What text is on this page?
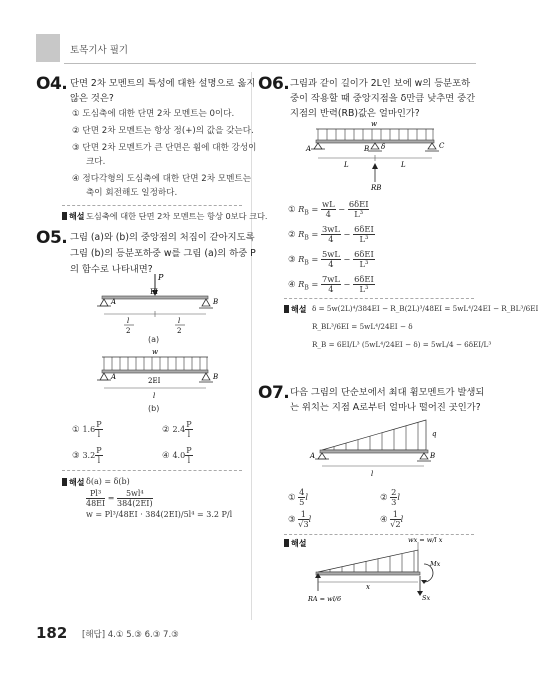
토목기사 필기
O4. 단면 2차 모멘트의 특성에 대한 설명으로 옳지
않은 것은?
① 도심축에 대한 단면 2차 모멘트는 0이다.
② 단면 2차 모멘트는 항상 정(+)의 값을 갖는다.
③ 단면 2차 모멘트가 큰 단면은 휨에 대한 강성이
크다.
④ 정다각형의 도심축에 대한 단면 2차 모멘트는
축이 회전해도 일정하다.
해설 도심축에 대한 단면 2차 모멘트는 항상 0보다 크다.
O5. 그림 (a)와 (b)의 중앙점의 처짐이 같아지도록
그림 (b)의 등분포하중 w를 그림 (a)의 하중 P
의 함수로 나타내면?
P
EI
A	B
l
2
l
2
(a)
w
2EI
A	B
l
(b)
① $1.6 \frac{P}{l}$	② $2.4 \frac{P}{l}$
③ $3.2 \frac{P}{l}$	④ $4.0 \frac{P}{l}$
해설 δ(a) = δ(b)
$\frac{\text{Pl³}}{48EI} = \frac{\text{5wl⁴}}{384(2EI)}$
w = Pl³/48EI · 384(2EI)/5l⁴ = 3.2 P/l
O6. 그림과 같이 길이가 2L인 보에 w의 등분포하
중이 작용할 때 중앙지점을 δ만큼 낮추면 중간
지점의 반력(RB)값은 얼마인가?
w
A	B	C
δ
L	L
RB
① $R_B = \frac{wL}{4} - \frac{\text{6δEI}}{\text{L³}}$
② $R_B = \frac{3wL}{4} - \frac{\text{6δEI}}{\text{L³}}$
③ $R_B = \frac{5wL}{4} - \frac{\text{6δEI}}{\text{L³}}$
④ $R_B = \frac{7wL}{4} - \frac{\text{6δEI}}{\text{L³}}$
해설 δ = 5w(2L)⁴/384EI − R_B(2L)³/48EI = 5wL⁴/24EI − R_BL³/6EI
R_BL³/6EI = 5wL⁴/24EI − δ
R_B = 6EI/L³ (5wL⁴/24EI − δ) = 5wL/4 − 6δEI/L³
O7. 다음 그림의 단순보에서 최대 휨모멘트가 발생되
는 위치는 지점 A로부터 얼마나 떨어진 곳인가?
A	B
q
l
① $\frac{4}{5}$ l	② $\frac{2}{3}$ l
③ $\frac{1}{√3}$ l	④ $\frac{1}{√2}$ l
해설	wx = w/l x
RA = wl/6
x
Mx
Sx
182 [해답] 4.① 5.③ 6.③ 7.③
